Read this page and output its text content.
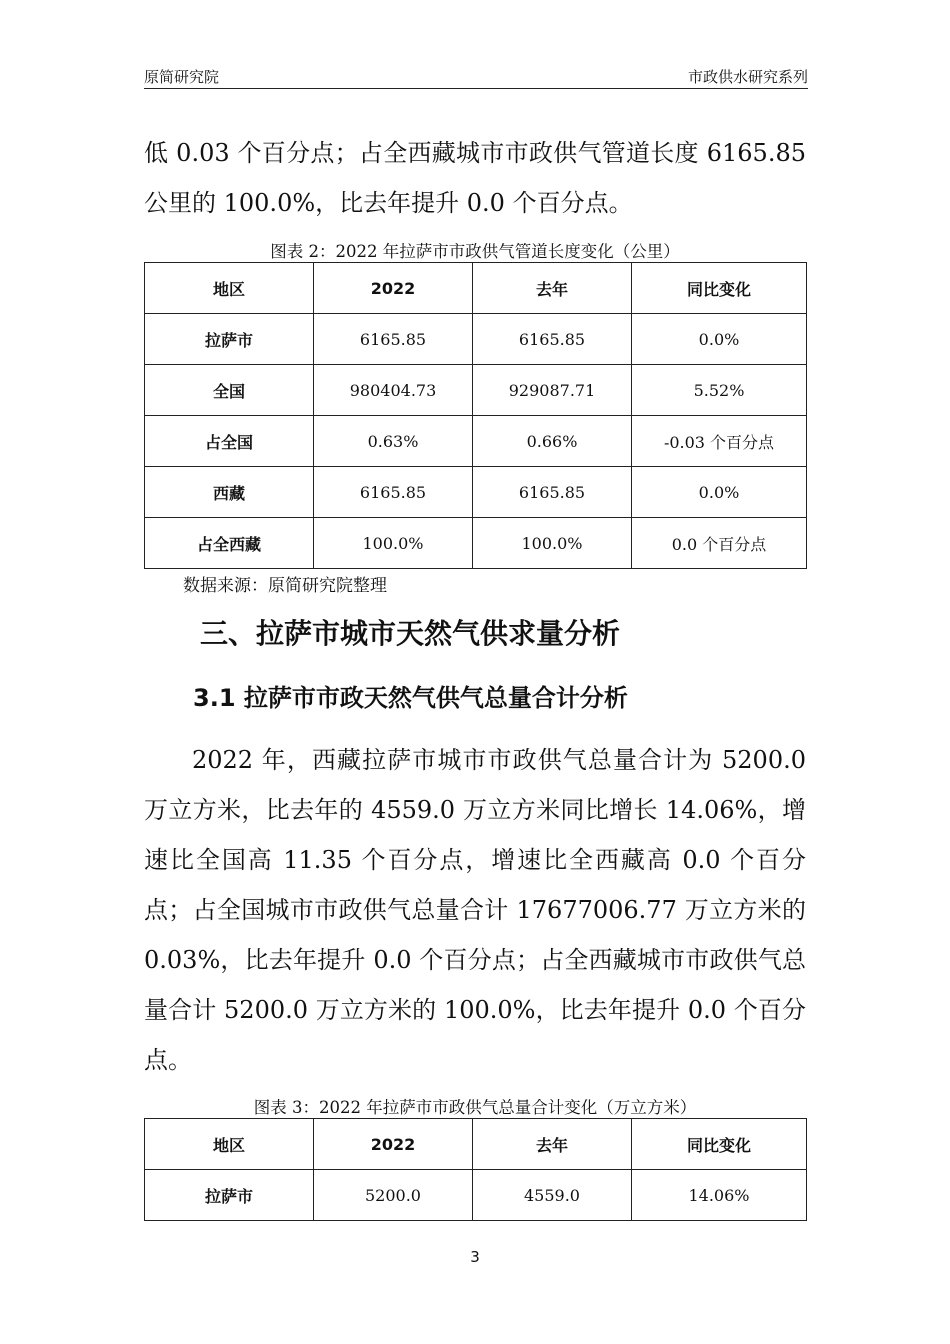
原简研究院	市政供水研究系列

低 0.03 个百分点；占全西藏城市市政供气管道长度 6165.85 公里的 100.0%，比去年提升 0.0 个百分点。

图表 2：2022 年拉萨市市政供气管道长度变化（公里）

地区	2022	去年	同比变化
拉萨市	6165.85	6165.85	0.0%
全国	980404.73	929087.71	5.52%
占全国	0.63%	0.66%	-0.03 个百分点
西藏	6165.85	6165.85	0.0%
占全西藏	100.0%	100.0%	0.0 个百分点

数据来源：原简研究院整理

三、拉萨市城市天然气供求量分析
3.1 拉萨市市政天然气供气总量合计分析

2022 年，西藏拉萨市城市市政供气总量合计为 5200.0 万立方米，比去年的 4559.0 万立方米同比增长 14.06%，增速比全国高 11.35 个百分点，增速比全西藏高 0.0 个百分点；占全国城市市政供气总量合计 17677006.77 万立方米的 0.03%，比去年提升 0.0 个百分点；占全西藏城市市政供气总量合计 5200.0 万立方米的 100.0%，比去年提升 0.0 个百分点。

图表 3：2022 年拉萨市市政供气总量合计变化（万立方米）

地区	2022	去年	同比变化
拉萨市	5200.0	4559.0	14.06%
3
